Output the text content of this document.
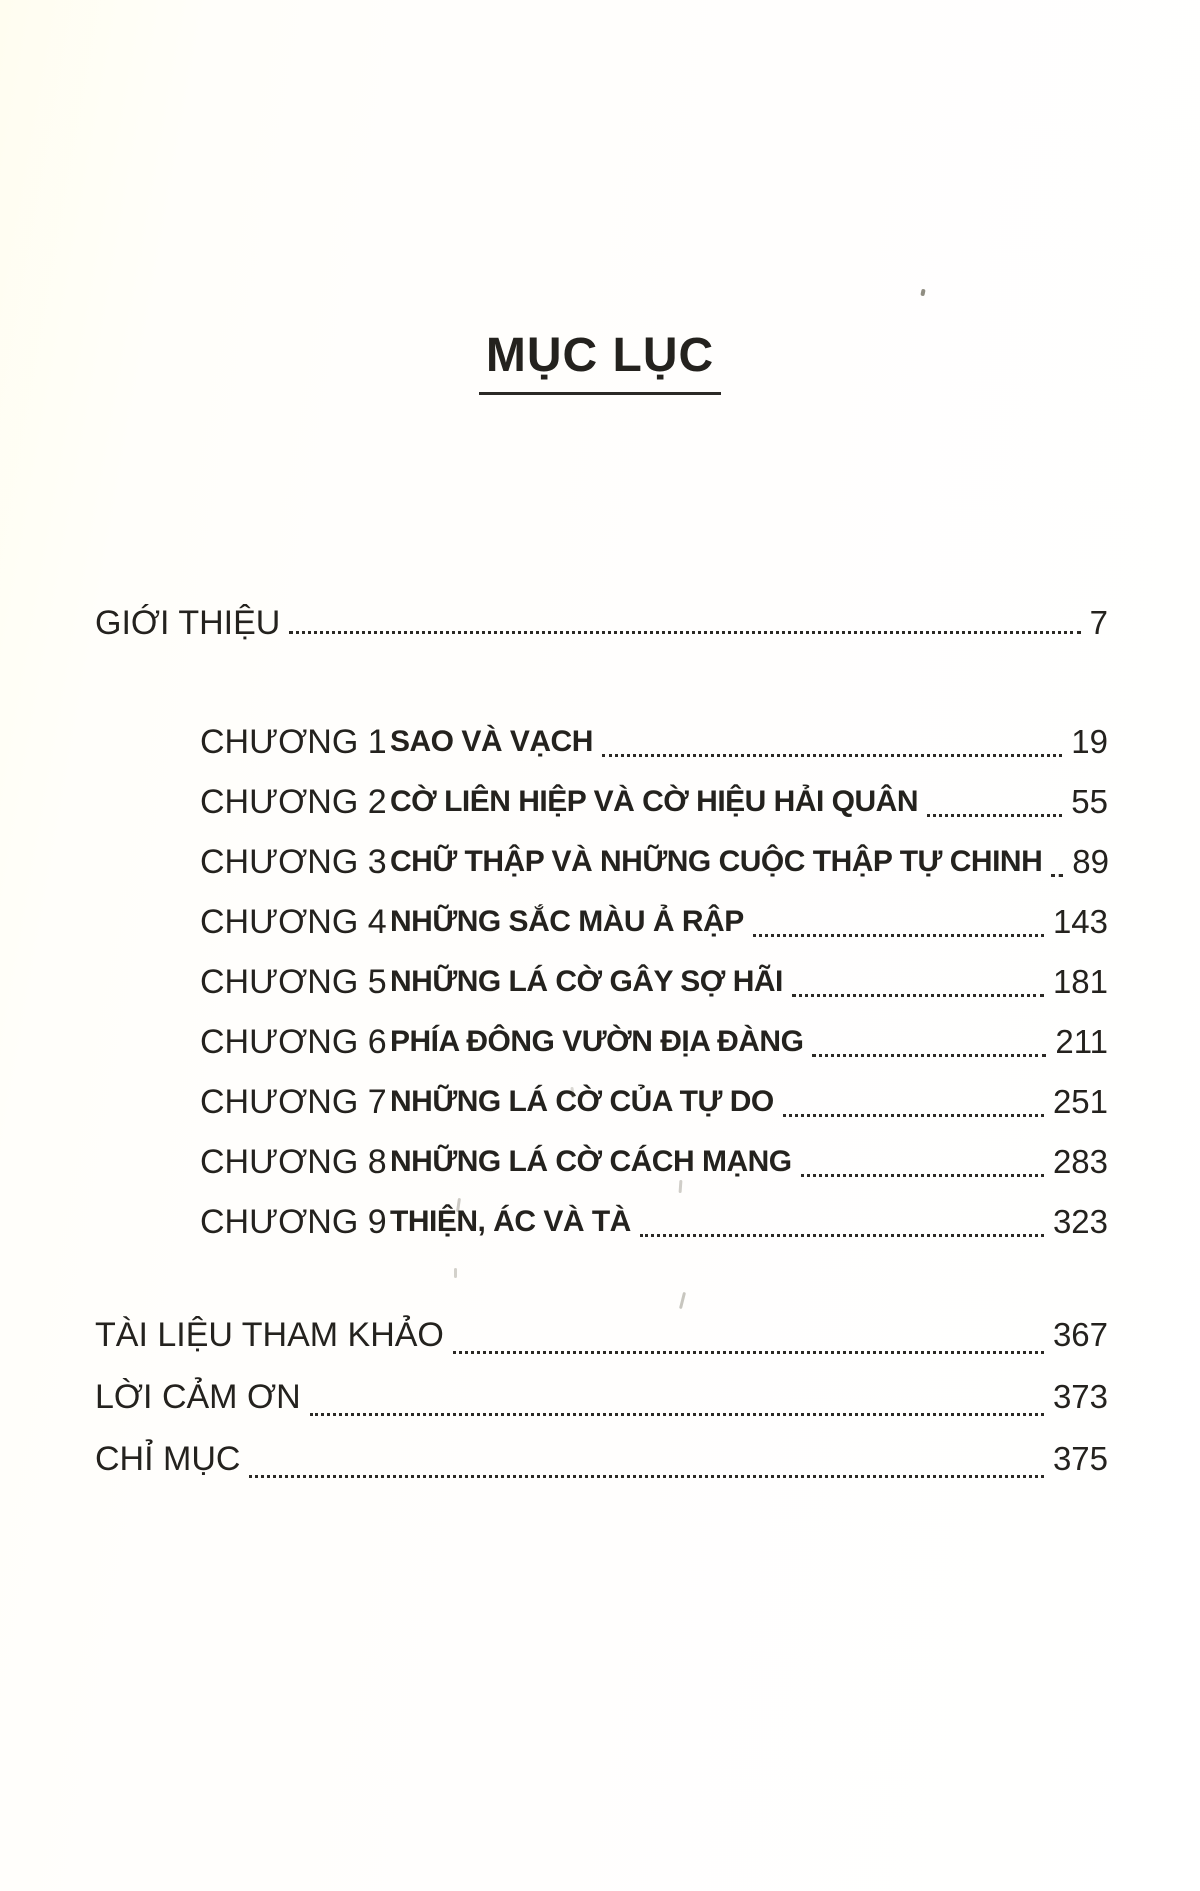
MỤC LỤC
GIỚI THIỆU	7
CHƯƠNG 1 SAO VÀ VẠCH	19
CHƯƠNG 2 CỜ LIÊN HIỆP VÀ CỜ HIỆU HẢI QUÂN	55
CHƯƠNG 3 CHỮ THẬP VÀ NHỮNG CUỘC THẬP TỰ CHINH 89
CHƯƠNG 4 NHỮNG SẮC MÀU Ả RẬP	143
CHƯƠNG 5 NHỮNG LÁ CỜ GÂY SỢ HÃI	181
CHƯƠNG 6 PHÍA ĐÔNG VƯỜN ĐỊA ĐÀNG	211
CHƯƠNG 7 NHỮNG LÁ CỜ CỦA TỰ DO	251
CHƯƠNG 8 NHỮNG LÁ CỜ CÁCH MẠNG	283
CHƯƠNG 9 THIỆN, ÁC VÀ TÀ	323
TÀI LIỆU THAM KHẢO	367
LỜI CẢM ƠN	373
CHỈ MỤC	375
